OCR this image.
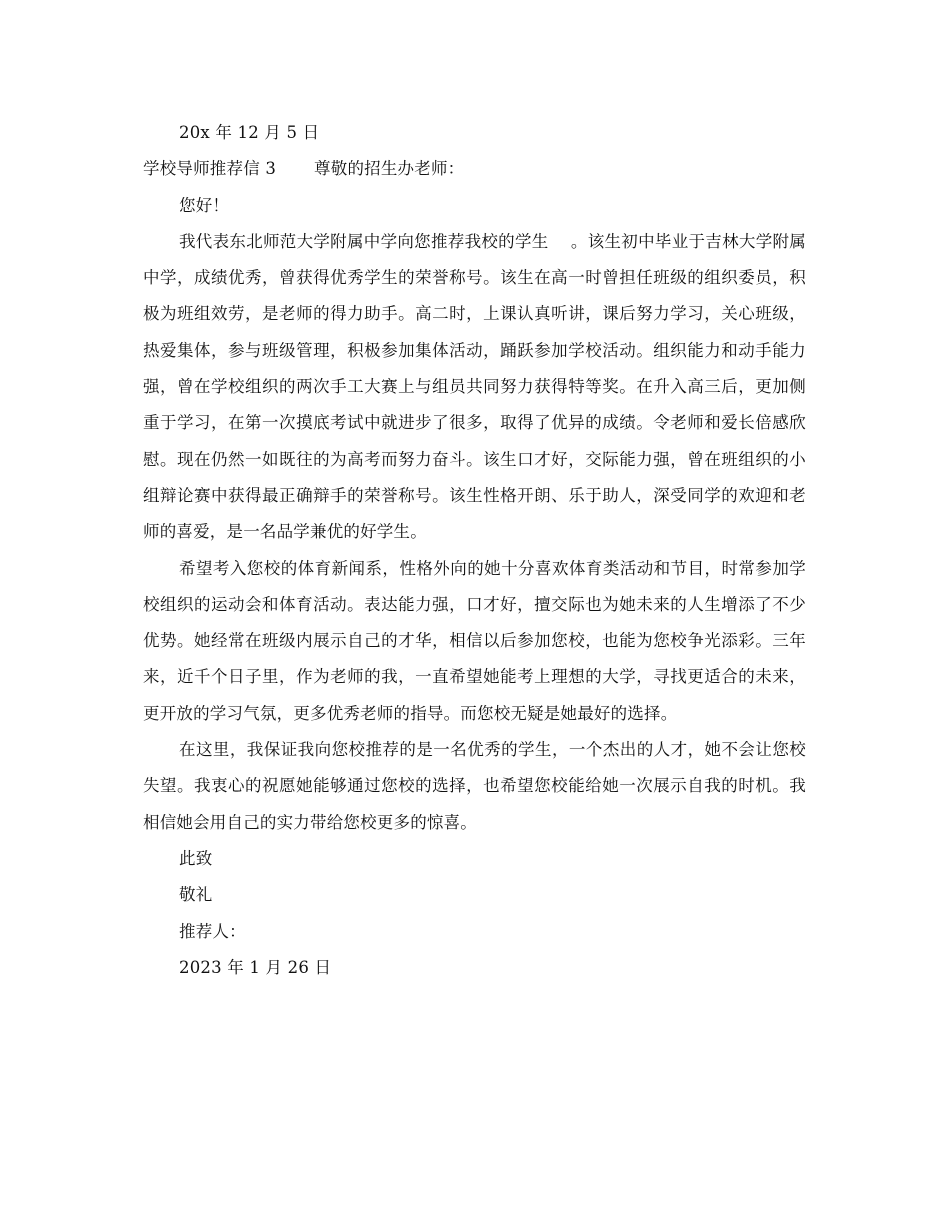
20x 年 12 月 5 日
学校导师推荐信 3 尊敬的招生办老师：
您好！

我代表东北师范大学附属中学向您推荐我校的学生　 。该生初中毕业于吉林大学附属中学，成绩优秀，曾获得优秀学生的荣誉称号。该生在高一时曾担任班级的组织委员，积极为班组效劳，是老师的得力助手。高二时，上课认真听讲，课后努力学习，关心班级，热爱集体，参与班级管理，积极参加集体活动，踊跃参加学校活动。组织能力和动手能力强，曾在学校组织的两次手工大赛上与组员共同努力获得特等奖。在升入高三后，更加侧重于学习，在第一次摸底考试中就进步了很多，取得了优异的成绩。令老师和爱长倍感欣慰。现在仍然一如既往的为高考而努力奋斗。该生口才好，交际能力强，曾在班组织的小组辩论赛中获得最正确辩手的荣誉称号。该生性格开朗、乐于助人，深受同学的欢迎和老师的喜爱，是一名品学兼优的好学生。

希望考入您校的体育新闻系，性格外向的她十分喜欢体育类活动和节目，时常参加学校组织的运动会和体育活动。表达能力强，口才好，擅交际也为她未来的人生增添了不少优势。她经常在班级内展示自己的才华，相信以后参加您校，也能为您校争光添彩。三年来，近千个日子里，作为老师的我，一直希望她能考上理想的大学，寻找更适合的未来，更开放的学习气氛，更多优秀老师的指导。而您校无疑是她最好的选择。

在这里，我保证我向您校推荐的是一名优秀的学生，一个杰出的人才，她不会让您校失望。我衷心的祝愿她能够通过您校的选择，也希望您校能给她一次展示自我的时机。我相信她会用自己的实力带给您校更多的惊喜。

此致
敬礼
推荐人：
2023 年 1 月 26 日
